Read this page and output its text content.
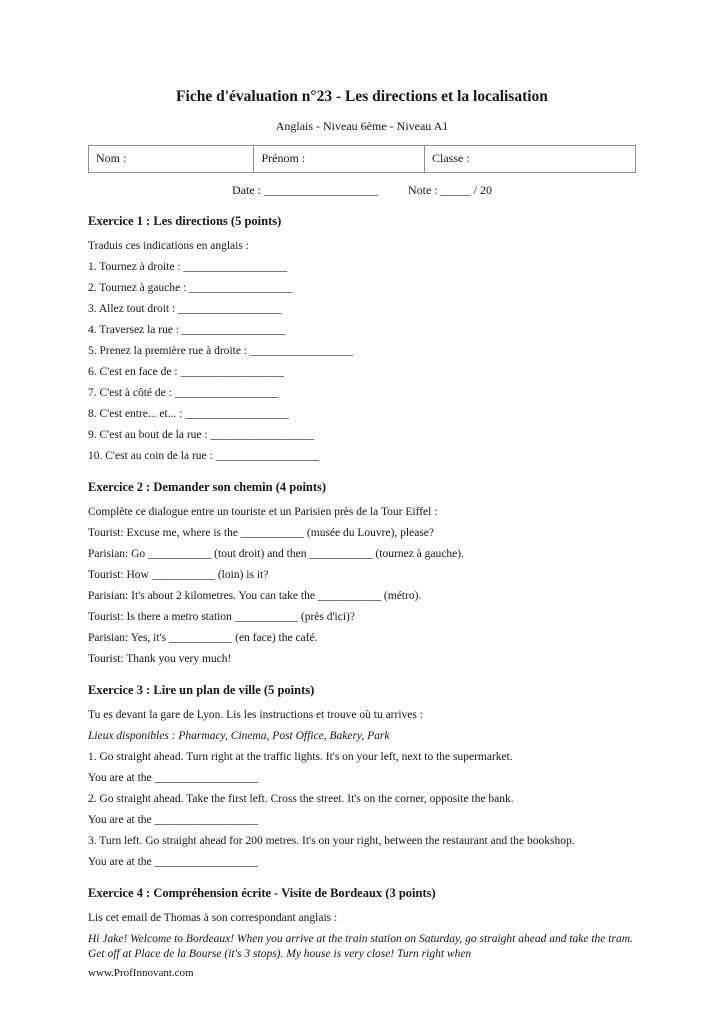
Fiche d'évaluation n°23 - Les directions et la localisation

Anglais - Niveau 6ème - Niveau A1

Nom :	Prénom :	Classe :

Date : ___________________	Note : _____ / 20

Exercice 1 : Les directions (5 points)

Traduis ces indications en anglais :

1. Tournez à droite : __________________

2. Tournez à gauche : __________________

3. Allez tout droit : __________________

4. Traversez la rue : __________________

5. Prenez la première rue à droite : __________________

6. C'est en face de : __________________

7. C'est à côté de : __________________

8. C'est entre... et... : __________________

9. C'est au bout de la rue : __________________

10. C'est au coin de la rue : __________________

Exercice 2 : Demander son chemin (4 points)

Complète ce dialogue entre un touriste et un Parisien près de la Tour Eiffel :

Tourist: Excuse me, where is the ___________ (musée du Louvre), please?

Parisian: Go ___________ (tout droit) and then ___________ (tournez à gauche).

Tourist: How ___________ (loin) is it?

Parisian: It's about 2 kilometres. You can take the ___________ (métro).

Tourist: Is there a metro station ___________ (près d'ici)?

Parisian: Yes, it's ___________ (en face) the café.

Tourist: Thank you very much!

Exercice 3 : Lire un plan de ville (5 points)

Tu es devant la gare de Lyon. Lis les instructions et trouve où tu arrives :

Lieux disponibles : Pharmacy, Cinema, Post Office, Bakery, Park

1. Go straight ahead. Turn right at the traffic lights. It's on your left, next to the supermarket.

You are at the __________________

2. Go straight ahead. Take the first left. Cross the street. It's on the corner, opposite the bank.

You are at the __________________

3. Turn left. Go straight ahead for 200 metres. It's on your right, between the restaurant and the bookshop.

You are at the __________________

Exercice 4 : Compréhension écrite - Visite de Bordeaux (3 points)

Lis cet email de Thomas à son correspondant anglais :

Hi Jake! Welcome to Bordeaux! When you arrive at the train station on Saturday, go straight ahead and take the tram. Get off at Place de la Bourse (it's 3 stops). My house is very close! Turn right when

www.ProfInnovant.com
